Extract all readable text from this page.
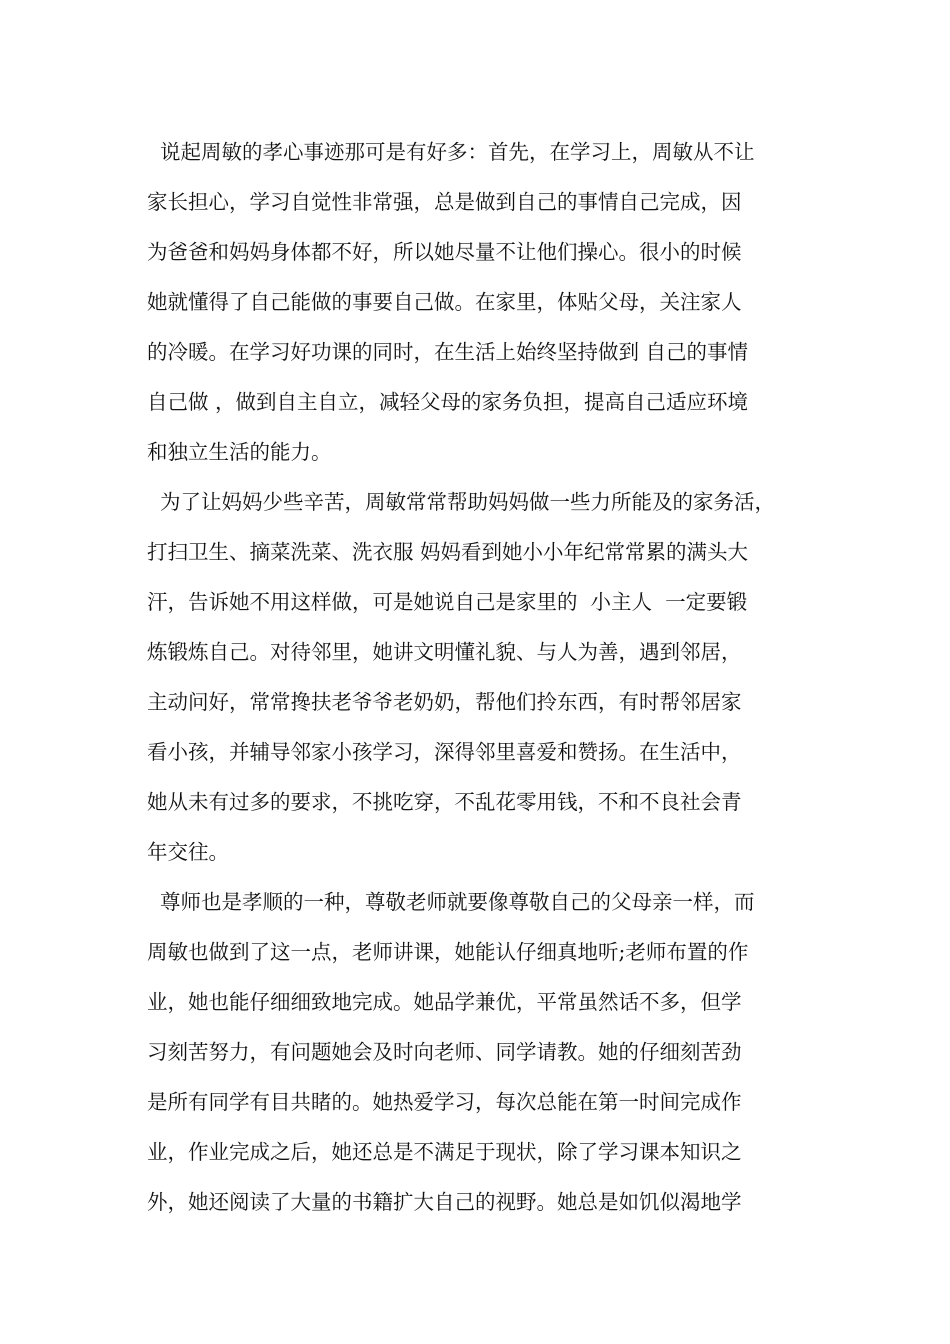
说起周敏的孝心事迹那可是有好多：首先，在学习上，周敏从不让
家长担心，学习自觉性非常强，总是做到自己的事情自己完成，因
为爸爸和妈妈身体都不好，所以她尽量不让他们操心。很小的时候
她就懂得了自己能做的事要自己做。在家里，体贴父母，关注家人
的冷暖。在学习好功课的同时，在生活上始终坚持做到 自己的事情
自己做 ，做到自主自立，减轻父母的家务负担，提高自己适应环境
和独立生活的能力。
为了让妈妈少些辛苦，周敏常常帮助妈妈做一些力所能及的家务活，
打扫卫生、摘菜洗菜、洗衣服 妈妈看到她小小年纪常常累的满头大
汗，告诉她不用这样做，可是她说自己是家里的  小主人  一定要锻
炼锻炼自己。对待邻里，她讲文明懂礼貌、与人为善，遇到邻居，
主动问好，常常搀扶老爷爷老奶奶，帮他们拎东西，有时帮邻居家
看小孩，并辅导邻家小孩学习，深得邻里喜爱和赞扬。在生活中，
她从未有过多的要求，不挑吃穿，不乱花零用钱，不和不良社会青
年交往。
尊师也是孝顺的一种，尊敬老师就要像尊敬自己的父母亲一样，而
周敏也做到了这一点，老师讲课，她能认仔细真地听;老师布置的作
业，她也能仔细细致地完成。她品学兼优，平常虽然话不多，但学
习刻苦努力，有问题她会及时向老师、同学请教。她的仔细刻苦劲
是所有同学有目共睹的。她热爱学习，每次总能在第一时间完成作
业，作业完成之后，她还总是不满足于现状，除了学习课本知识之
外，她还阅读了大量的书籍扩大自己的视野。她总是如饥似渴地学
